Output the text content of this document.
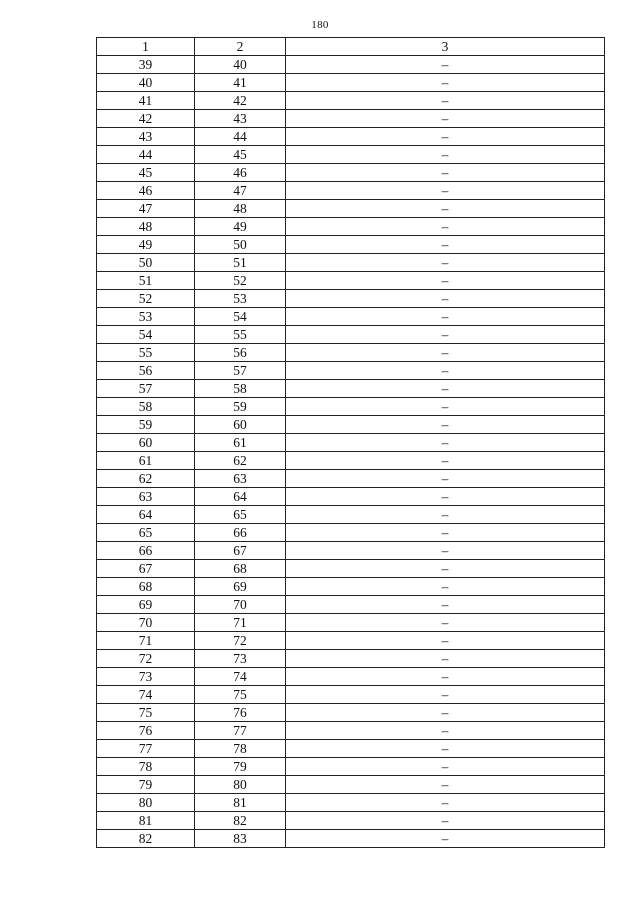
180
1	2	3
39	40	–
40	41	–
41	42	–
42	43	–
43	44	–
44	45	–
45	46	–
46	47	–
47	48	–
48	49	–
49	50	–
50	51	–
51	52	–
52	53	–
53	54	–
54	55	–
55	56	–
56	57	–
57	58	–
58	59	–
59	60	–
60	61	–
61	62	–
62	63	–
63	64	–
64	65	–
65	66	–
66	67	–
67	68	–
68	69	–
69	70	–
70	71	–
71	72	–
72	73	–
73	74	–
74	75	–
75	76	–
76	77	–
77	78	–
78	79	–
79	80	–
80	81	–
81	82	–
82	83	–
